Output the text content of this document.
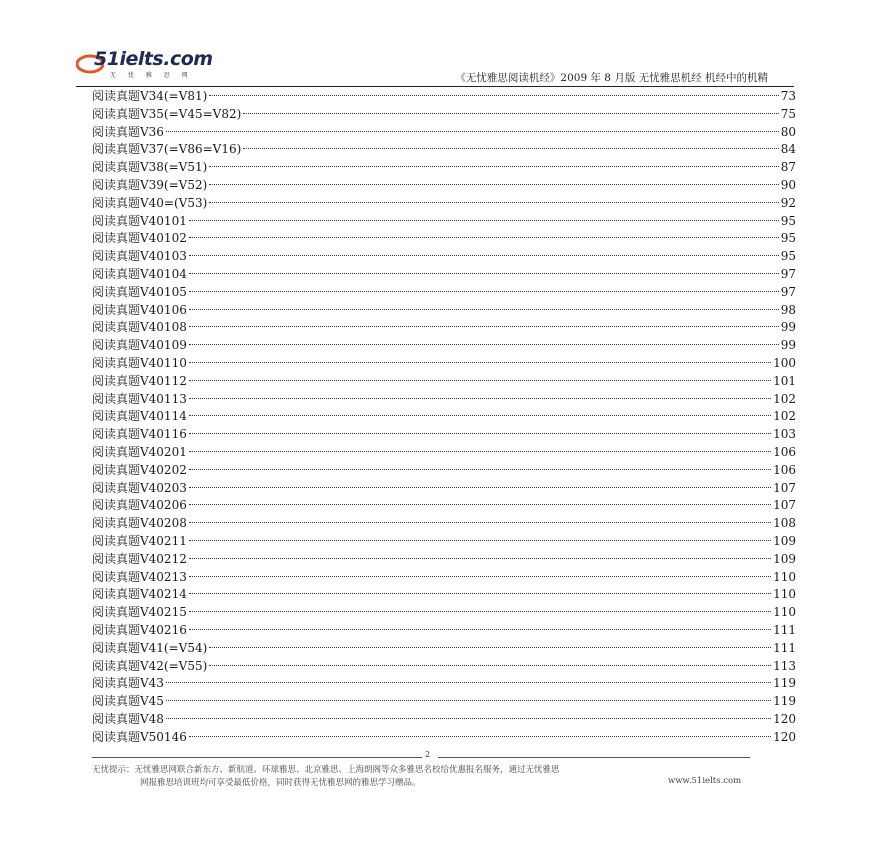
51ielts.com
无 忧 雅 思 网	《无忧雅思阅读机经》2009 年 8 月版 无忧雅思机经 机经中的机精
阅读真题V34(=V81)	73
阅读真题V35(=V45=V82)	75
阅读真题V36	80
阅读真题V37(=V86=V16)	84
阅读真题V38(=V51)	87
阅读真题V39(=V52)	90
阅读真题V40=(V53)	92
阅读真题V40101	95
阅读真题V40102	95
阅读真题V40103	95
阅读真题V40104	97
阅读真题V40105	97
阅读真题V40106	98
阅读真题V40108	99
阅读真题V40109	99
阅读真题V40110	100
阅读真题V40112	101
阅读真题V40113	102
阅读真题V40114	102
阅读真题V40116	103
阅读真题V40201	106
阅读真题V40202	106
阅读真题V40203	107
阅读真题V40206	107
阅读真题V40208	108
阅读真题V40211	109
阅读真题V40212	109
阅读真题V40213	110
阅读真题V40214	110
阅读真题V40215	110
阅读真题V40216	111
阅读真题V41(=V54)	111
阅读真题V42(=V55)	113
阅读真题V43	119
阅读真题V45	119
阅读真题V48	120
阅读真题V50146	120
2
无忧提示：无忧雅思网联合新东方、新航道、环球雅思、北京雅思、上海朗阁等众多雅思名校给优惠报名服务，通过无忧雅思
网报雅思培训班均可享受最低价格，同时获得无忧雅思网的雅思学习赠品。	www.51ielts.com
